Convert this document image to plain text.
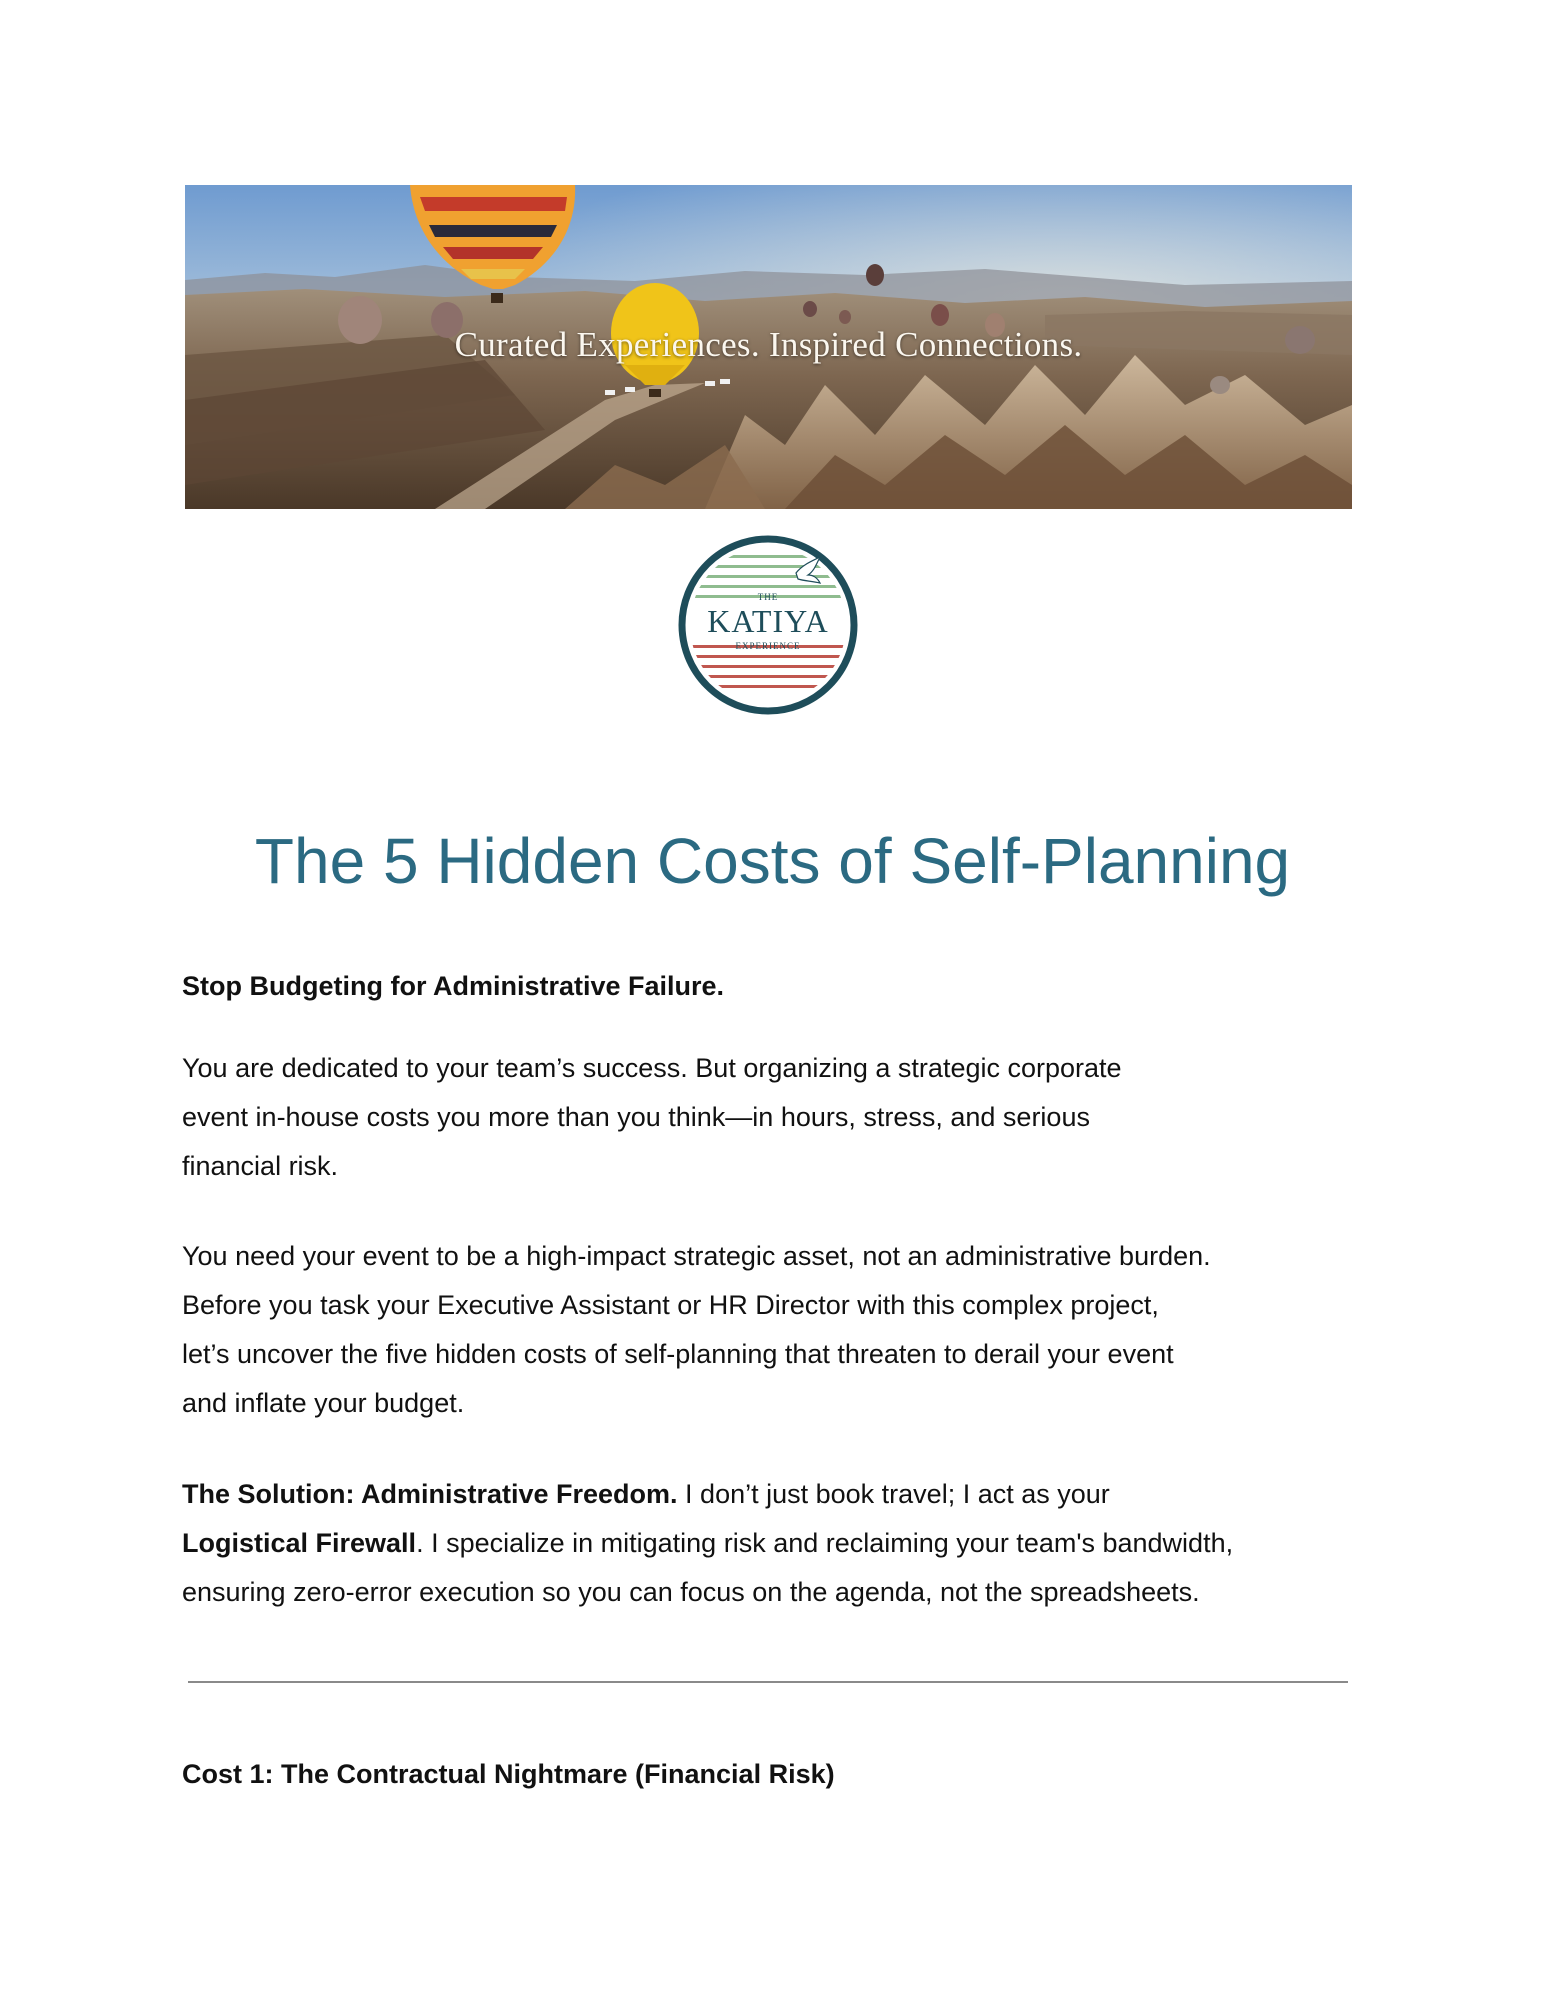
Curated Experiences. Inspired Connections.
THE
KATIYA
EXPERIENCE
The 5 Hidden Costs of Self-Planning

Stop Budgeting for Administrative Failure.

You are dedicated to your team’s success. But organizing a strategic corporate

event in-house costs you more than you think—in hours, stress, and serious

financial risk.

You need your event to be a high-impact strategic asset, not an administrative burden.

Before you task your Executive Assistant or HR Director with this complex project,

let’s uncover the five hidden costs of self-planning that threaten to derail your event

and inflate your budget.

The Solution: Administrative Freedom. I don’t just book travel; I act as your

Logistical Firewall. I specialize in mitigating risk and reclaiming your team's bandwidth,

ensuring zero-error execution so you can focus on the agenda, not the spreadsheets.

Cost 1: The Contractual Nightmare (Financial Risk)
